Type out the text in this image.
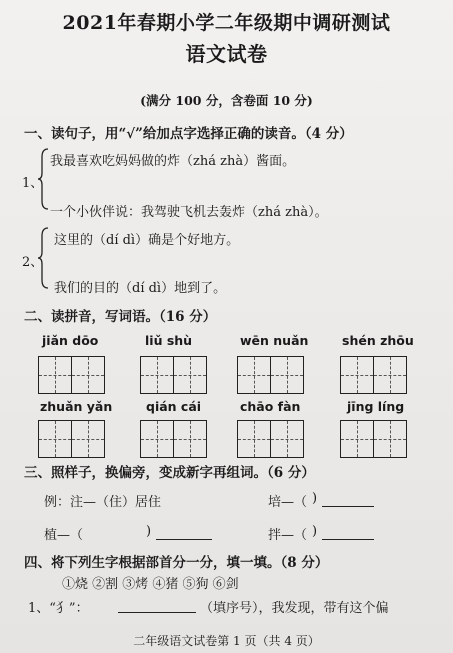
2021年春期小学二年级期中调研测试
语文试卷
(满分 100 分，含卷面 10 分)
一、读句子，用“√”给加点字选择正确的读音。（4 分）
1、
我最喜欢吃妈妈做的炸（zhá zhà）酱面。
一个小伙伴说：我驾驶飞机去轰炸（zhá zhà）。
2、
这里的（dí dì）确是个好地方。
我们的目的（dí dì）地到了。
二、读拼音，写词语。（16 分）
jiǎn dōo	liǔ shù	wēn nuǎn	shén zhōu
zhuǎn yǎn	qián cái	chāo fàn	jīng líng
三、照样子，换偏旁，变成新字再组词。（6 分）
例：注—（住）居住	培—（ )
植—（	)	拌—（ )
四、将下列生字根据部首分一分，填一填。（8 分）
①烧 ②割 ③烤 ④猪 ⑤狗 ⑥剑
1、“犭”：	（填序号），我发现，带有这个偏
二年级语文试卷第 1 页（共 4 页）
